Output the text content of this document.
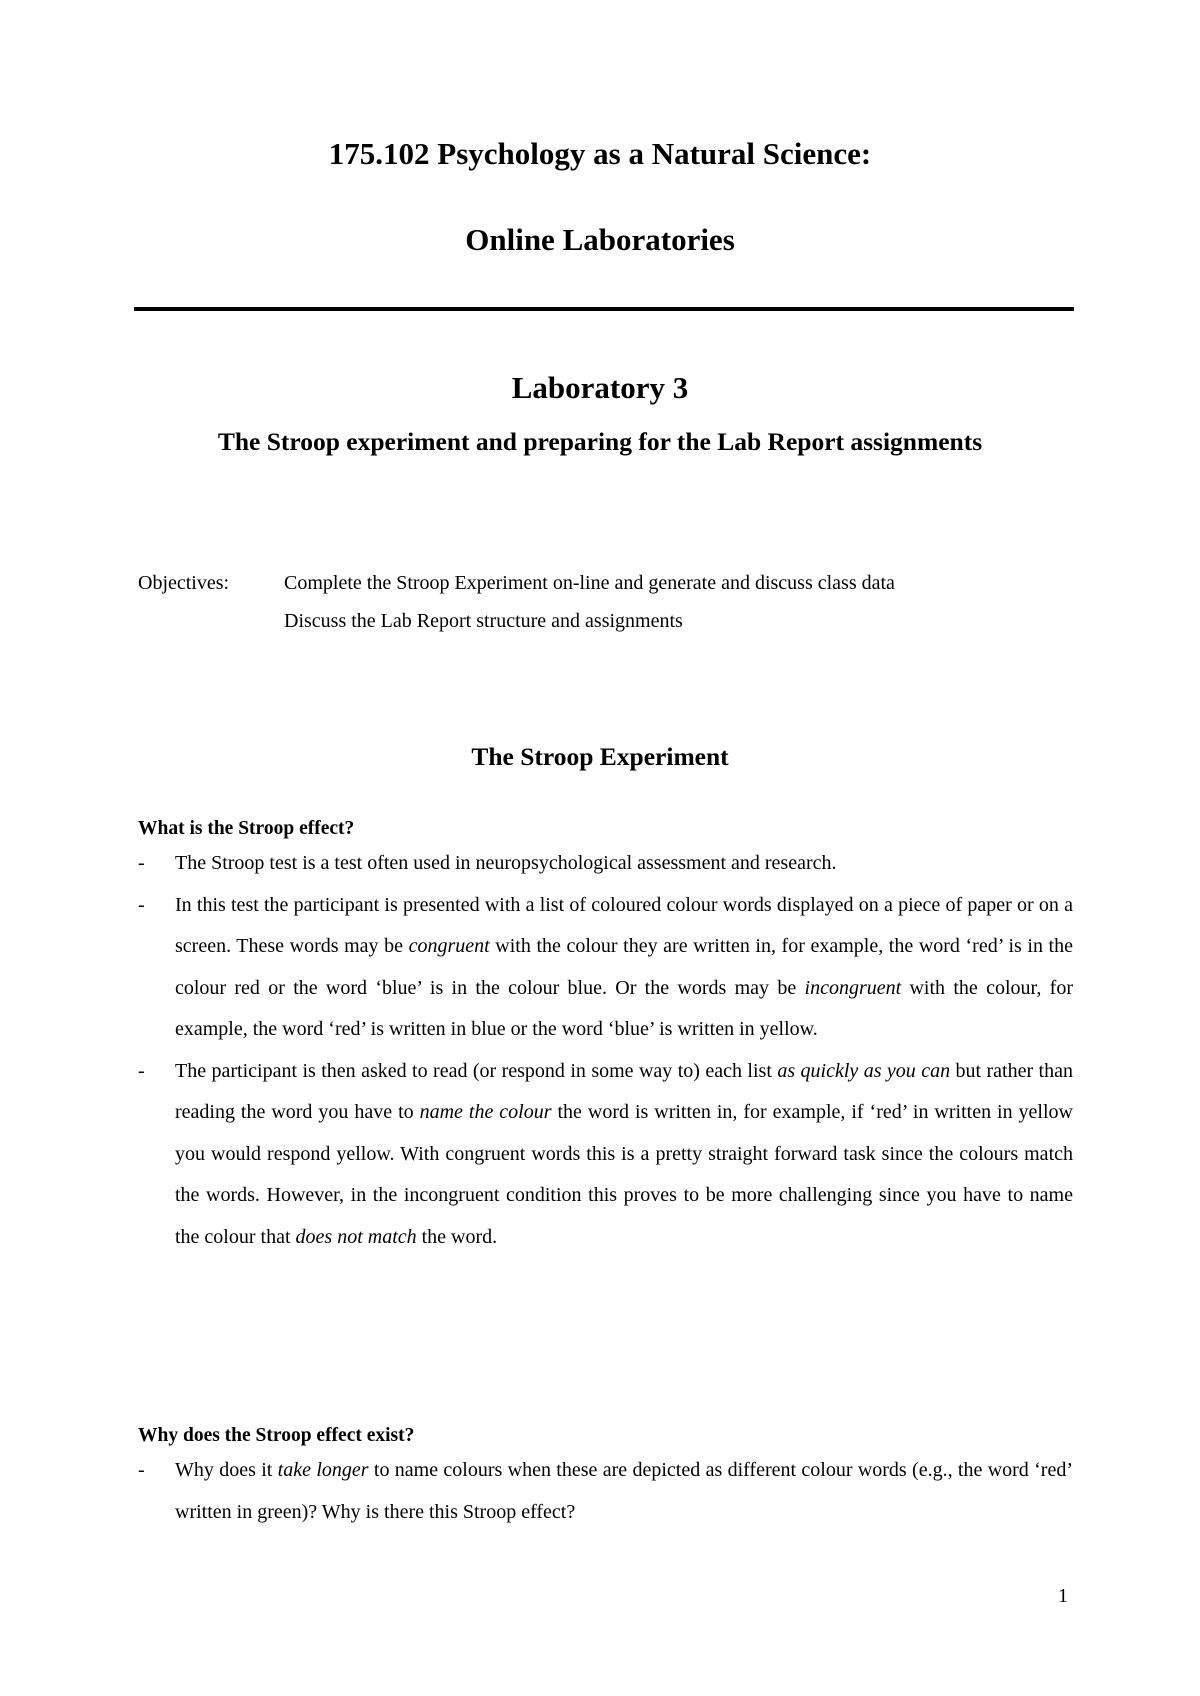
175.102 Psychology as a Natural Science:
Online Laboratories
Laboratory 3
The Stroop experiment and preparing for the Lab Report assignments
Objectives:	Complete the Stroop Experiment on-line and generate and discuss class data
Discuss the Lab Report structure and assignments
The Stroop Experiment
What is the Stroop effect?
- The Stroop test is a test often used in neuropsychological assessment and research.
- In this test the participant is presented with a list of coloured colour words displayed on a piece of paper or on a screen. These words may be congruent with the colour they are written in, for example, the word ‘red’ is in the colour red or the word ‘blue’ is in the colour blue. Or the words may be incongruent with the colour, for example, the word ‘red’ is written in blue or the word ‘blue’ is written in yellow.
- The participant is then asked to read (or respond in some way to) each list as quickly as you can but rather than reading the word you have to name the colour the word is written in, for example, if ‘red’ in written in yellow you would respond yellow. With congruent words this is a pretty straight forward task since the colours match the words. However, in the incongruent condition this proves to be more challenging since you have to name the colour that does not match the word.
Why does the Stroop effect exist?
- Why does it take longer to name colours when these are depicted as different colour words (e.g., the word ‘red’ written in green)? Why is there this Stroop effect?
1
